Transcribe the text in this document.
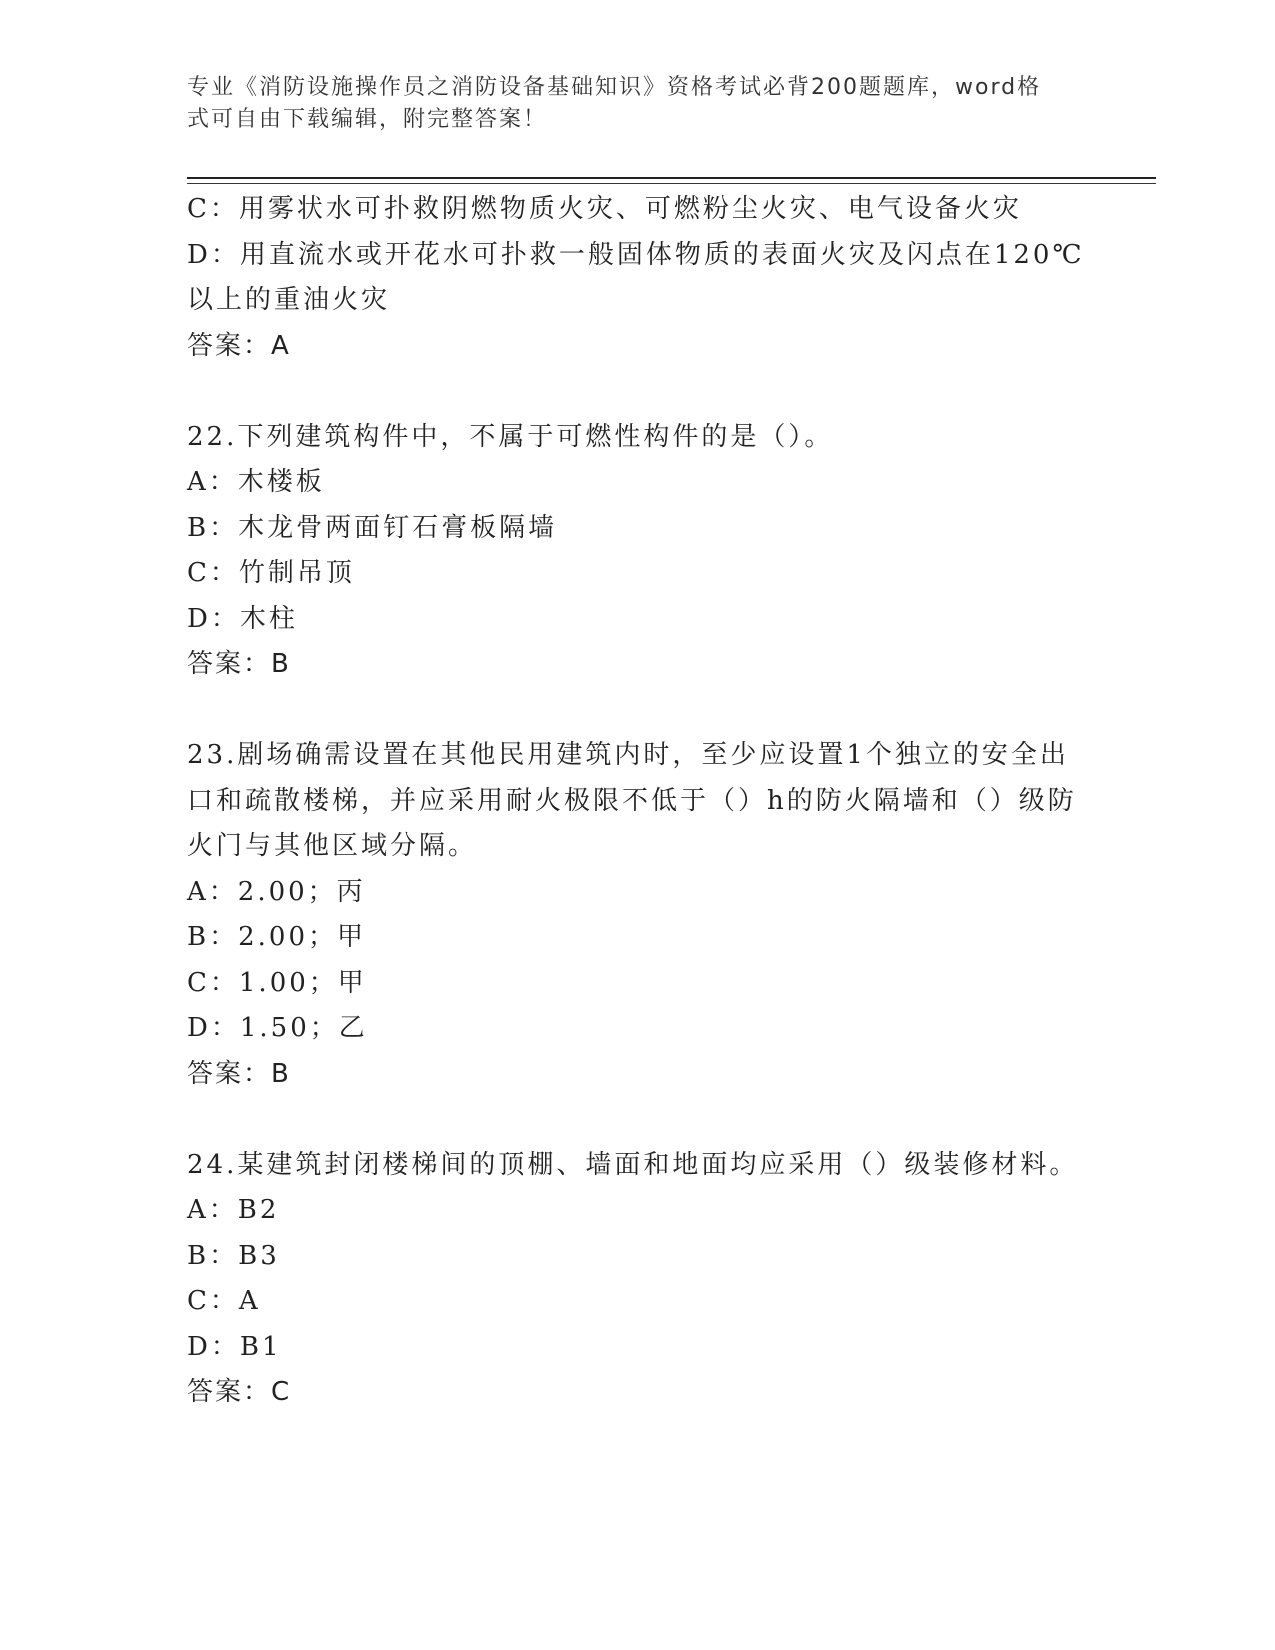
专业《消防设施操作员之消防设备基础知识》资格考试必背200题题库，word格
式可自由下载编辑，附完整答案！
C：用雾状水可扑救阴燃物质火灾、可燃粉尘火灾、电气设备火灾
D：用直流水或开花水可扑救一般固体物质的表面火灾及闪点在120℃
以上的重油火灾
答案：A
22.下列建筑构件中，不属于可燃性构件的是（）。
A：木楼板
B：木龙骨两面钉石膏板隔墙
C：竹制吊顶
D：木柱
答案：B
23.剧场确需设置在其他民用建筑内时，至少应设置1个独立的安全出
口和疏散楼梯，并应采用耐火极限不低于（）h的防火隔墙和（）级防
火门与其他区域分隔。
A：2.00；丙
B：2.00；甲
C：1.00；甲
D：1.50；乙
答案：B
24.某建筑封闭楼梯间的顶棚、墙面和地面均应采用（）级装修材料。
A：B2
B：B3
C：A
D：B1
答案：C
